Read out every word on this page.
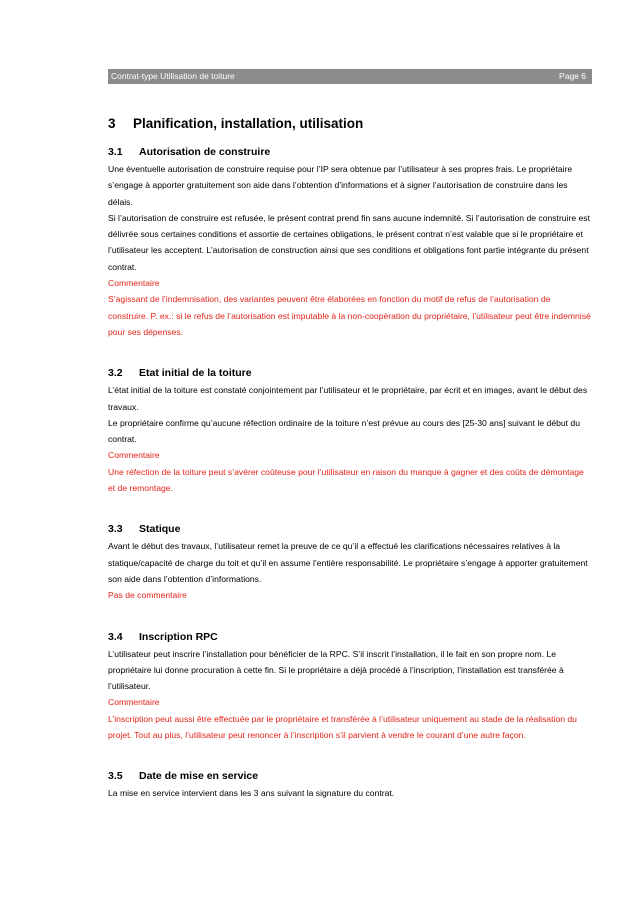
Contrat-type Utilisation de toiture	Page 6
3	Planification, installation, utilisation
3.1	Autorisation de construire

Une éventuelle autorisation de construire requise pour l’IP sera obtenue par l’utilisateur à ses propres frais. Le propriétaire s’engage à apporter gratuitement son aide dans l’obtention d’informations et à signer l’autorisation de construire dans les délais.

Si l’autorisation de construire est refusée, le présent contrat prend fin sans aucune indemnité. Si l’autorisation de construire est délivrée sous certaines conditions et assortie de certaines obligations, le présent contrat n’est valable que si le propriétaire et l’utilisateur les acceptent. L’autorisation de construction ainsi que ses conditions et obligations font partie intégrante du présent contrat.

Commentaire

S’agissant de l’indemnisation, des variantes peuvent être élaborées en fonction du motif de refus de l’autorisation de construire. P. ex.: si le refus de l’autorisation est imputable à la non-coopération du propriétaire, l’utilisateur peut être indemnisé pour ses dépenses.

3.2	Etat initial de la toiture

L’état initial de la toiture est constaté conjointement par l’utilisateur et le propriétaire, par écrit et en images, avant le début des travaux.

Le propriétaire confirme qu’aucune réfection ordinaire de la toiture n’est prévue au cours des [25-30 ans] suivant le début du contrat.

Commentaire

Une réfection de la toiture peut s’avérer coûteuse pour l’utilisateur en raison du manque à gagner et des coûts de démontage et de remontage.

3.3	Statique

Avant le début des travaux, l’utilisateur remet la preuve de ce qu’il a effectué les clarifications nécessaires relatives à la statique/capacité de charge du toit et qu’il en assume l’entière responsabilité. Le propriétaire s’engage à apporter gratuitement son aide dans l’obtention d’informations.

Pas de commentaire

3.4	Inscription RPC

L’utilisateur peut inscrire l’installation pour bénéficier de la RPC. S’il inscrit l’installation, il le fait en son propre nom. Le propriétaire lui donne procuration à cette fin. Si le propriétaire a déjà procédé à l’inscription, l’installation est transférée à l’utilisateur.

Commentaire

L’inscription peut aussi être effectuée par le propriétaire et transférée à l’utilisateur uniquement au stade de la réalisation du projet. Tout au plus, l’utilisateur peut renoncer à l’inscription s’il parvient à vendre le courant d’une autre façon.

3.5	Date de mise en service

La mise en service intervient dans les 3 ans suivant la signature du contrat.
